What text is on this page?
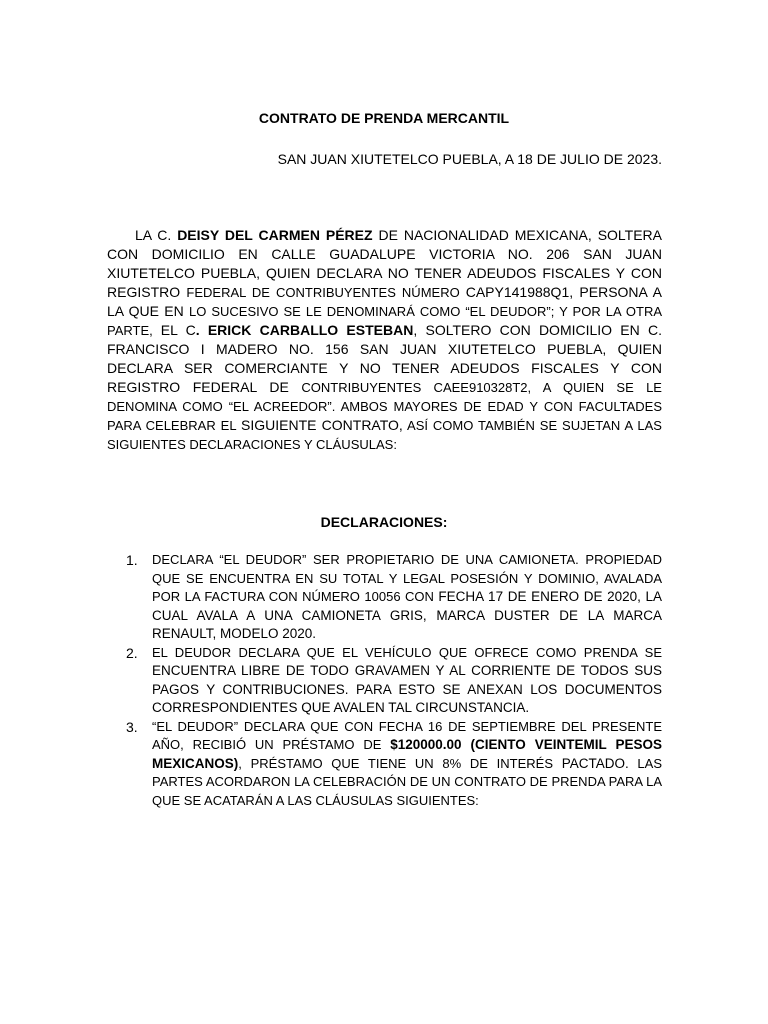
CONTRATO DE PRENDA MERCANTIL
SAN JUAN XIUTETELCO PUEBLA, A 18 DE JULIO DE 2023.
LA C. DEISY DEL CARMEN PÉREZ DE NACIONALIDAD MEXICANA, SOLTERA CON DOMICILIO EN CALLE GUADALUPE VICTORIA NO. 206 SAN JUAN XIUTETELCO PUEBLA, QUIEN DECLARA NO TENER ADEUDOS FISCALES Y CON REGISTRO FEDERAL DE CONTRIBUYENTES NÚMERO CAPY141988Q1, PERSONA A LA QUE EN LO SUCESIVO SE LE DENOMINARÁ COMO “EL DEUDOR”; Y POR LA OTRA PARTE, EL C. ERICK CARBALLO ESTEBAN, SOLTERO CON DOMICILIO EN C. FRANCISCO I MADERO NO. 156 SAN JUAN XIUTETELCO PUEBLA, QUIEN DECLARA SER COMERCIANTE Y NO TENER ADEUDOS FISCALES Y CON REGISTRO FEDERAL DE CONTRIBUYENTES CAEE910328T2, A QUIEN SE LE DENOMINA COMO “EL ACREEDOR”. AMBOS MAYORES DE EDAD Y CON FACULTADES PARA CELEBRAR EL SIGUIENTE CONTRATO, ASÍ COMO TAMBIÉN SE SUJETAN A LAS SIGUIENTES DECLARACIONES Y CLÁUSULAS:
DECLARACIONES:
1. DECLARA “EL DEUDOR” SER PROPIETARIO DE UNA CAMIONETA. PROPIEDAD QUE SE ENCUENTRA EN SU TOTAL Y LEGAL POSESIÓN Y DOMINIO, AVALADA POR LA FACTURA CON NÚMERO 10056 CON FECHA 17 DE ENERO DE 2020, LA CUAL AVALA A UNA CAMIONETA GRIS, MARCA DUSTER DE LA MARCA RENAULT, MODELO 2020.
2. EL DEUDOR DECLARA QUE EL VEHÍCULO QUE OFRECE COMO PRENDA SE ENCUENTRA LIBRE DE TODO GRAVAMEN Y AL CORRIENTE DE TODOS SUS PAGOS Y CONTRIBUCIONES. PARA ESTO SE ANEXAN LOS DOCUMENTOS CORRESPONDIENTES QUE AVALEN TAL CIRCUNSTANCIA.
3. “EL DEUDOR” DECLARA QUE CON FECHA 16 DE SEPTIEMBRE DEL PRESENTE AÑO, RECIBIÓ UN PRÉSTAMO DE $120000.00 (CIENTO VEINTEMIL PESOS MEXICANOS), PRÉSTAMO QUE TIENE UN 8% DE INTERÉS PACTADO. LAS PARTES ACORDARON LA CELEBRACIÓN DE UN CONTRATO DE PRENDA PARA LA QUE SE ACATARÁN A LAS CLÁUSULAS SIGUIENTES:
